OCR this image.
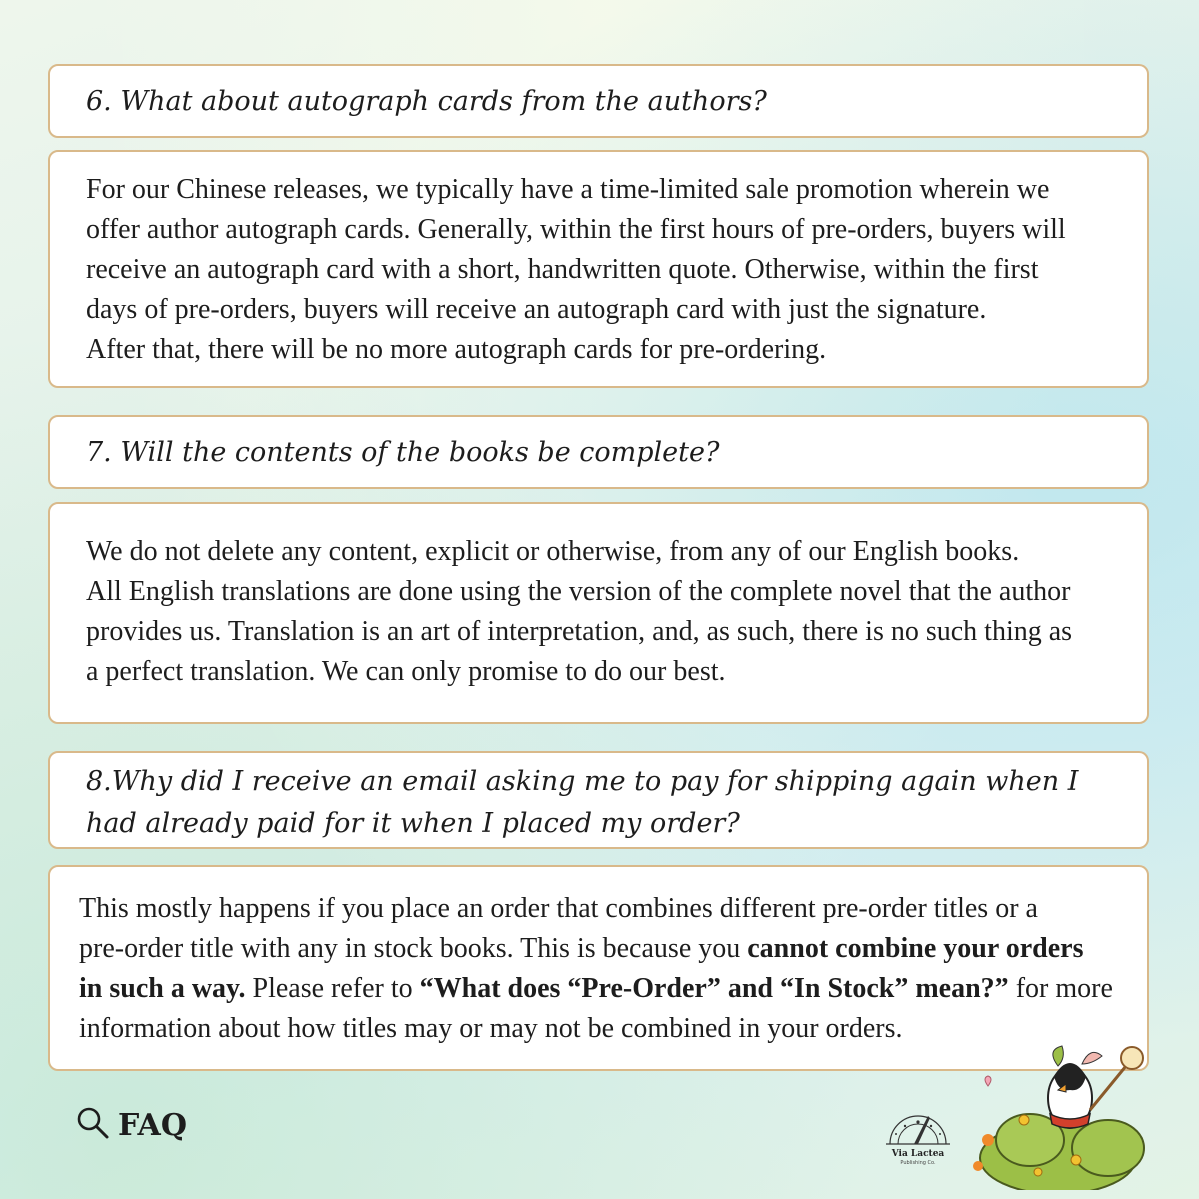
6. What about autograph cards from the authors?
For our Chinese releases, we typically have a time-limited sale promotion wherein we
offer author autograph cards. Generally, within the first hours of pre-orders, buyers will
receive an autograph card with a short, handwritten quote. Otherwise, within the first
days of pre-orders, buyers will receive an autograph card with just the signature.
After that, there will be no more autograph cards for pre-ordering.
7. Will the contents of the books be complete?
We do not delete any content, explicit or otherwise, from any of our English books.
All English translations are done using the version of the complete novel that the author
provides us. Translation is an art of interpretation, and, as such, there is no such thing as
a perfect translation. We can only promise to do our best.
8.Why did I receive an email asking me to pay for shipping again when I
had already paid for it when I placed my order?
This mostly happens if you place an order that combines different pre-order titles or a
pre-order title with any in stock books. This is because you cannot combine your orders
in such a way. Please refer to “What does “Pre-Order” and “In Stock” mean?” for more
information about how titles may or may not be combined in your orders.
FAQ
Via Lactea
Publishing Co.
